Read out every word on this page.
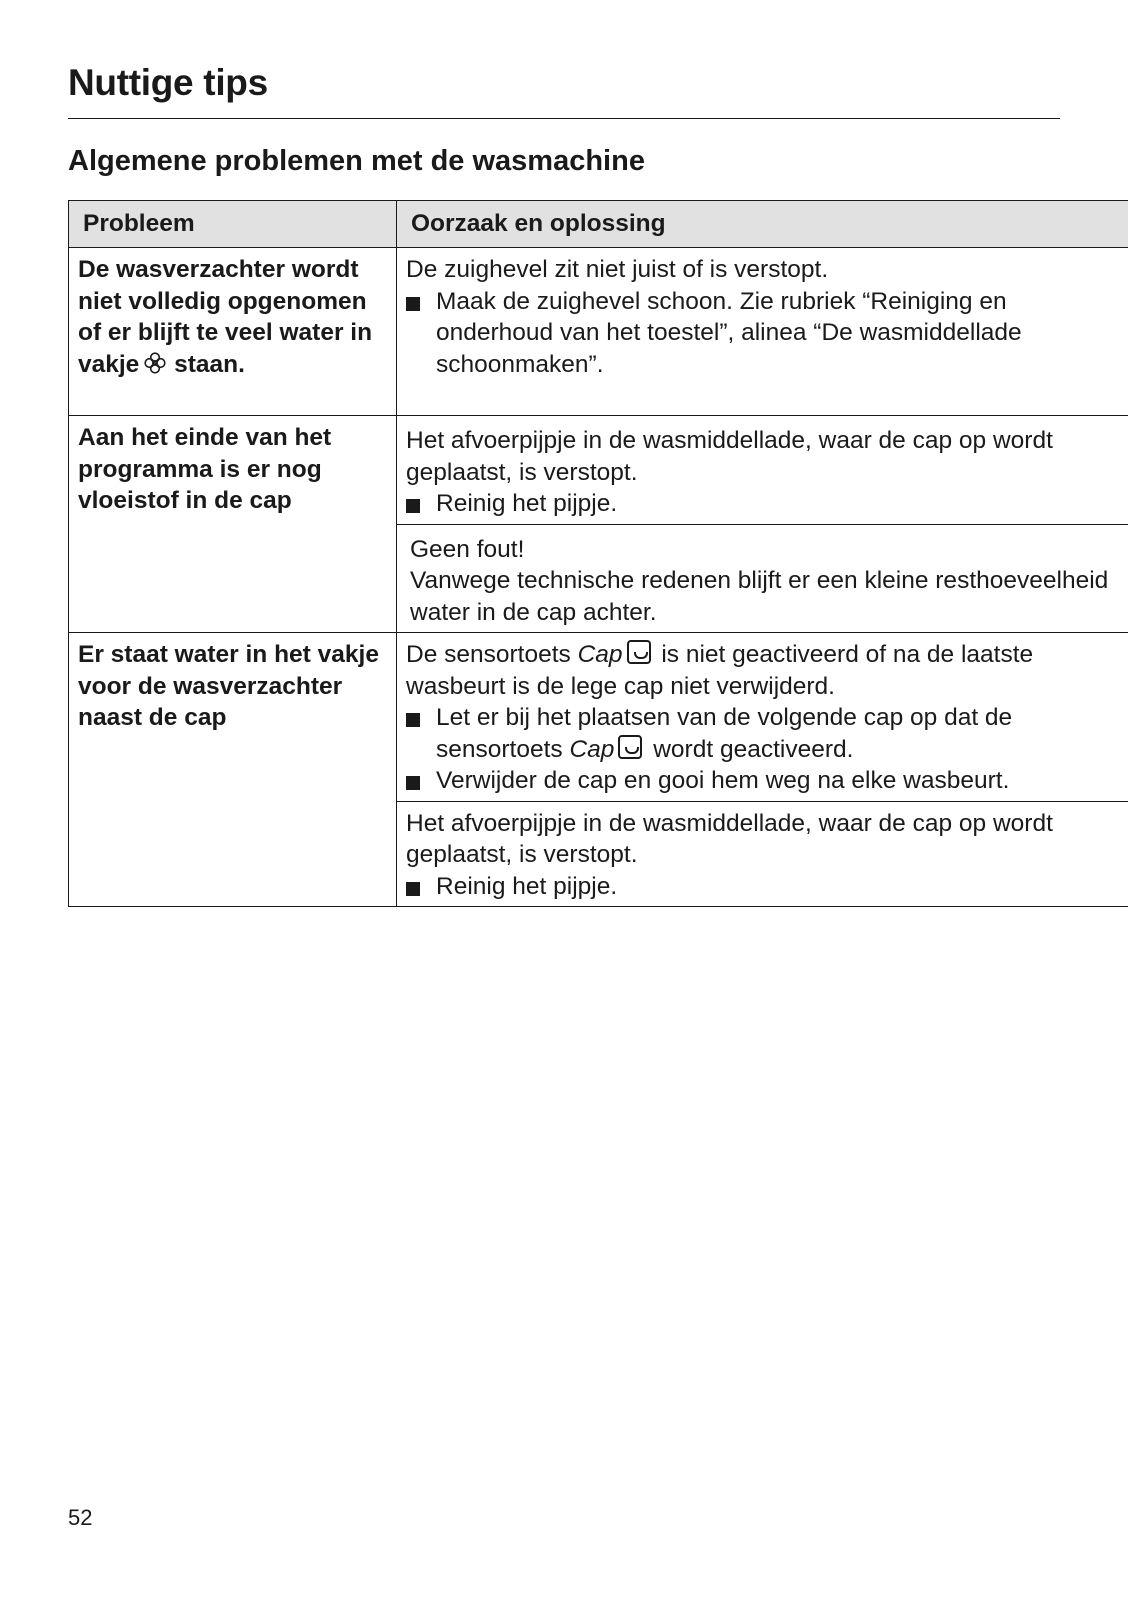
Nuttige tips
Algemene problemen met de wasmachine
Probleem	Oorzaak en oplossing
De wasverzachter wordt niet volledig opgenomen of er blijft te veel water in vakje staan.	De zuighevel zit niet juist of is verstopt.
Maak de zuighevel schoon. Zie rubriek “Reiniging en onderhoud van het toestel”, alinea “De wasmiddellade schoonmaken”.

Aan het einde van het programma is er nog vloeistof in de cap	Het afvoerpijpje in de wasmiddellade, waar de cap op wordt geplaatst, is verstopt.
Reinig het pijpje.

	Geen fout!
Vanwege technische redenen blijft er een kleine resthoeveelheid water in de cap achter.

Er staat water in het vakje voor de wasverzachter naast de cap	De sensortoets Cap is niet geactiveerd of na de laatste wasbeurt is de lege cap niet verwijderd.
Let er bij het plaatsen van de volgende cap op dat de sensortoets Cap wordt geactiveerd.
Verwijder de cap en gooi hem weg na elke wasbeurt.

	Het afvoerpijpje in de wasmiddellade, waar de cap op wordt geplaatst, is verstopt.
Reinig het pijpje.
52
